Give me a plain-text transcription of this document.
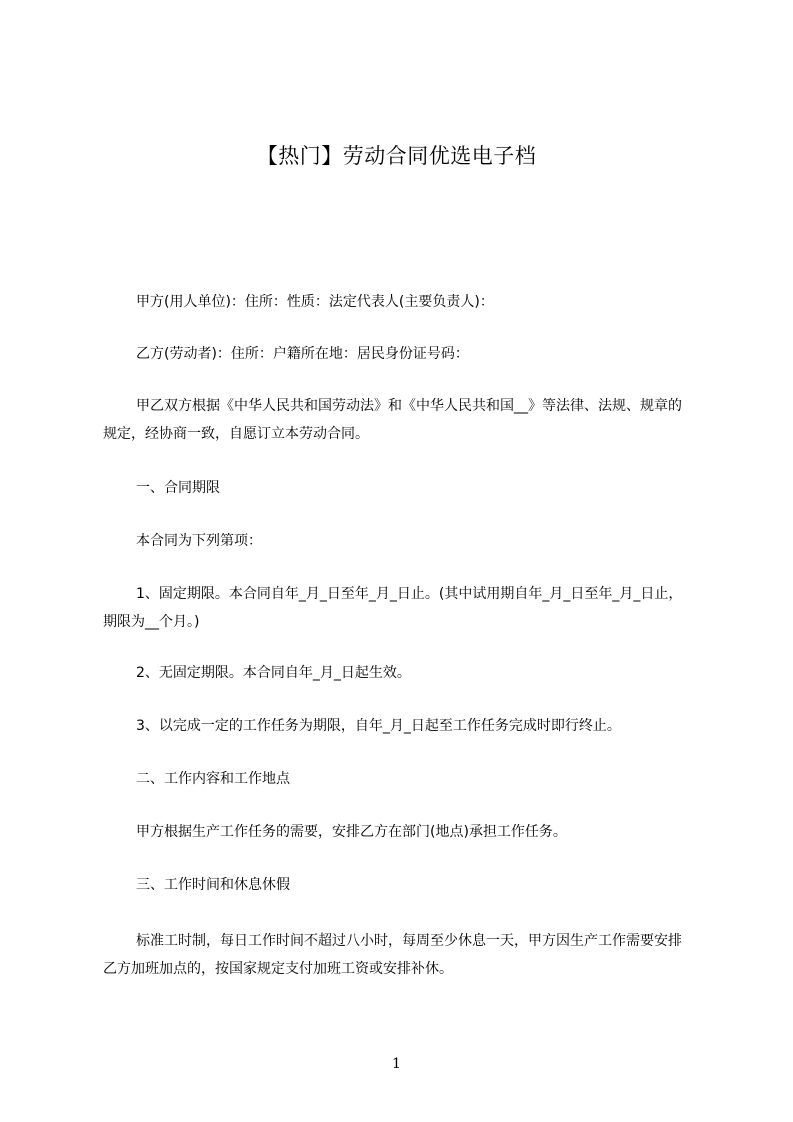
【热门】劳动合同优选电子档
甲方(用人单位)：住所：性质：法定代表人(主要负责人)：
乙方(劳动者)：住所：户籍所在地：居民身份证号码：
甲乙双方根据《中华人民共和国劳动法》和《中华人民共和国__》等法律、法规、规章的规定，经协商一致，自愿订立本劳动合同。
一、合同期限
本合同为下列第项：
1、固定期限。本合同自年_月_日至年_月_日止。(其中试用期自年_月_日至年_月_日止，期限为__个月。)
2、无固定期限。本合同自年_月_日起生效。
3、以完成一定的工作任务为期限，自年_月_日起至工作任务完成时即行终止。
二、工作内容和工作地点
甲方根据生产工作任务的需要，安排乙方在部门(地点)承担工作任务。
三、工作时间和休息休假
标准工时制，每日工作时间不超过八小时，每周至少休息一天，甲方因生产工作需要安排乙方加班加点的，按国家规定支付加班工资或安排补休。
1
